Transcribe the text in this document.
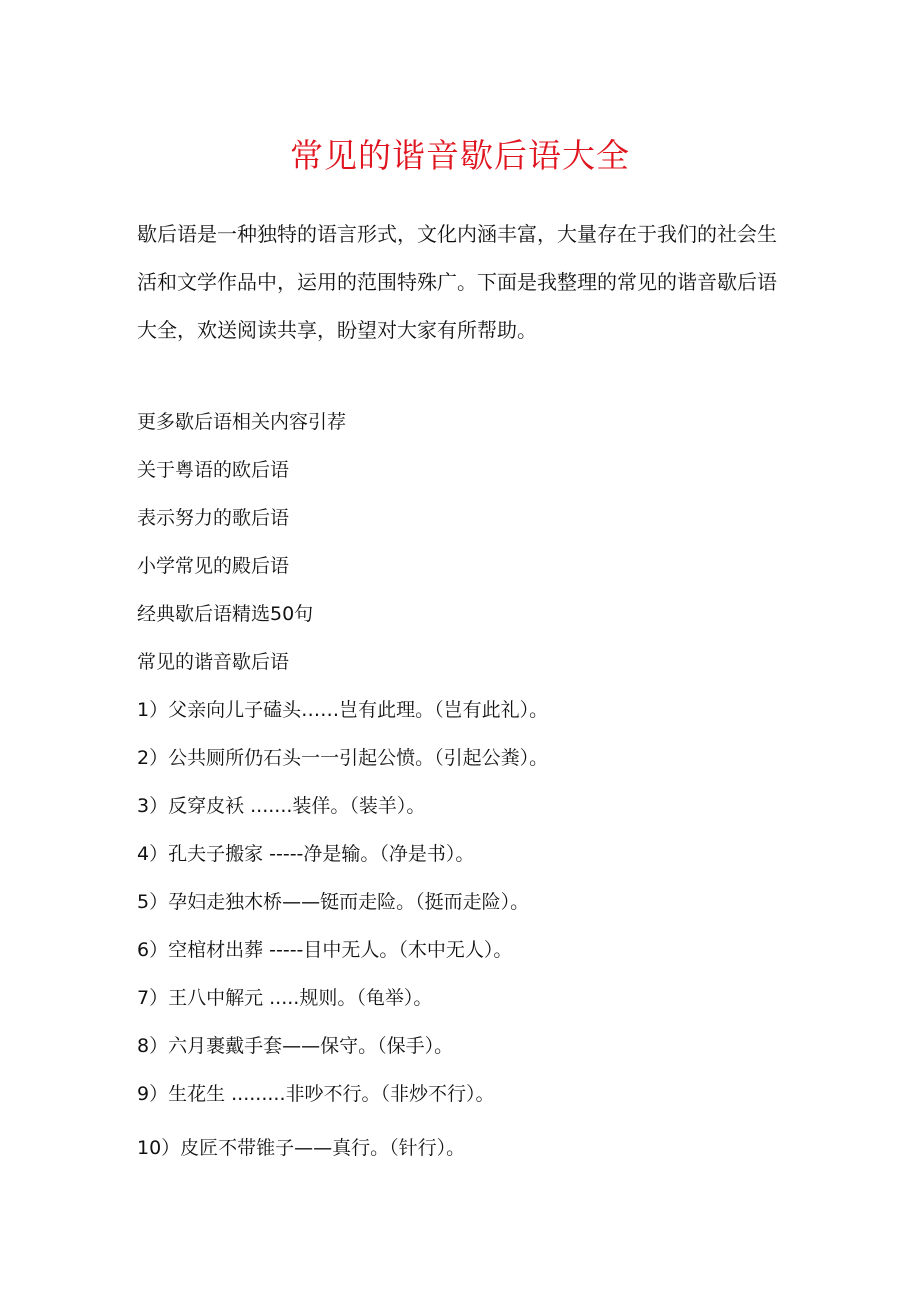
常见的谐音歇后语大全

歇后语是一种独特的语言形式，文化内涵丰富，大量存在于我们的社会生活和文学作品中，运用的范围特殊广。下面是我整理的常见的谐音歇后语大全，欢送阅读共享，盼望对大家有所帮助。

更多歇后语相关内容引荐
关于粤语的欧后语
表示努力的歌后语
小学常见的殿后语
经典歇后语精选50句
常见的谐音歇后语
1）父亲向儿子磕头……岂有此理。（岂有此礼）。
2）公共厕所仍石头一一引起公愤。（引起公粪）。
3）反穿皮袄 .......装佯。（装羊）。
4）孔夫子搬家 -----净是输。（净是书）。
5）孕妇走独木桥——铤而走险。（挺而走险）。
6）空棺材出葬 -----目中无人。（木中无人）。
7）王八中解元 .....规则。（龟举）。
8）六月裹戴手套——保守。（保手）。
9）生花生 .........非吵不行。（非炒不行）。
10）皮匠不带锥子——真行。（针行）。
